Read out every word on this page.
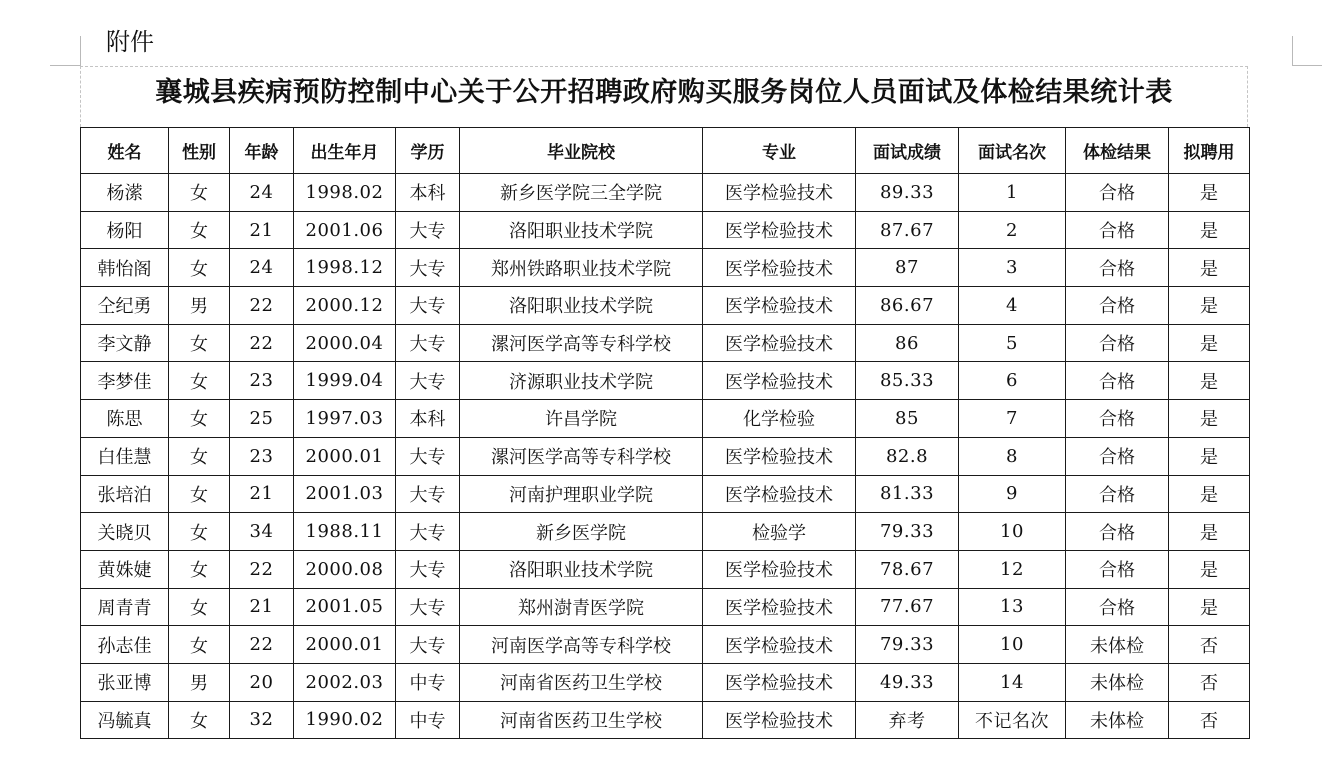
附件
襄城县疾病预防控制中心关于公开招聘政府购买服务岗位人员面试及体检结果统计表
姓名	性别	年龄	出生年月	学历	毕业院校	专业	面试成绩	面试名次	体检结果	拟聘用
杨潆	女	24	1998.02	本科	新乡医学院三全学院	医学检验技术	89.33	1	合格	是
杨阳	女	21	2001.06	大专	洛阳职业技术学院	医学检验技术	87.67	2	合格	是
韩怡阁	女	24	1998.12	大专	郑州铁路职业技术学院	医学检验技术	87	3	合格	是
仝纪勇	男	22	2000.12	大专	洛阳职业技术学院	医学检验技术	86.67	4	合格	是
李文静	女	22	2000.04	大专	漯河医学高等专科学校	医学检验技术	86	5	合格	是
李梦佳	女	23	1999.04	大专	济源职业技术学院	医学检验技术	85.33	6	合格	是
陈思	女	25	1997.03	本科	许昌学院	化学检验	85	7	合格	是
白佳慧	女	23	2000.01	大专	漯河医学高等专科学校	医学检验技术	82.8	8	合格	是
张培泊	女	21	2001.03	大专	河南护理职业学院	医学检验技术	81.33	9	合格	是
关晓贝	女	34	1988.11	大专	新乡医学院	检验学	79.33	10	合格	是
黄姝婕	女	22	2000.08	大专	洛阳职业技术学院	医学检验技术	78.67	12	合格	是
周青青	女	21	2001.05	大专	郑州澍青医学院	医学检验技术	77.67	13	合格	是
孙志佳	女	22	2000.01	大专	河南医学高等专科学校	医学检验技术	79.33	10	未体检	否
张亚博	男	20	2002.03	中专	河南省医药卫生学校	医学检验技术	49.33	14	未体检	否
冯毓真	女	32	1990.02	中专	河南省医药卫生学校	医学检验技术	弃考	不记名次	未体检	否
